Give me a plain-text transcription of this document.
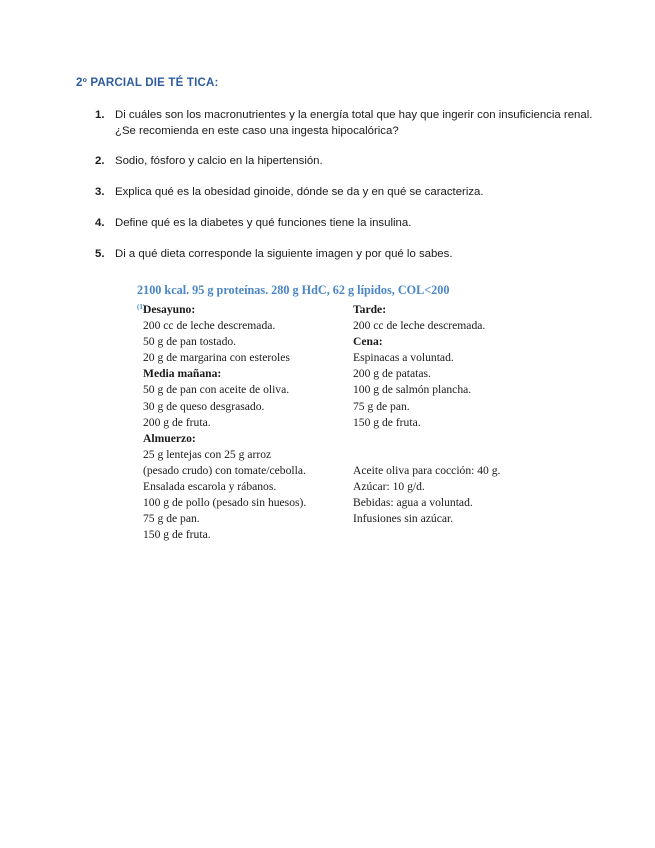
2º PARCIAL DIE TÉ TICA:
1. Di cuáles son los macronutrientes y la energía total que hay que ingerir con insuficiencia renal. ¿Se recomienda en este caso una ingesta hipocalórica?
2. Sodio, fósforo y calcio en la hipertensión.
3. Explica qué es la obesidad ginoide, dónde se da y en qué se caracteriza.
4. Define qué es la diabetes y qué funciones tiene la insulina.
5. Di a qué dieta corresponde la siguiente imagen y por qué lo sabes.
2100 kcal. 95 g proteínas. 280 g HdC, 62 g lípidos, COL<200
(1)
Desayuno:
200 cc de leche descremada.
50 g de pan tostado.
20 g de margarina con esteroles
Media mañana:
50 g de pan con aceite de oliva.
30 g de queso desgrasado.
200 g de fruta.
Almuerzo:
25 g lentejas con 25 g arroz
(pesado crudo) con tomate/cebolla.
Ensalada escarola y rábanos.
100 g de pollo (pesado sin huesos).
75 g de pan.
150 g de fruta.
Tarde:
200 cc de leche descremada.
Cena:
Espinacas a voluntad.
200 g de patatas.
100 g de salmón plancha.
75 g de pan.
150 g de fruta.
Aceite oliva para cocción: 40 g.
Azúcar: 10 g/d.
Bebidas: agua a voluntad.
Infusiones sin azúcar.
